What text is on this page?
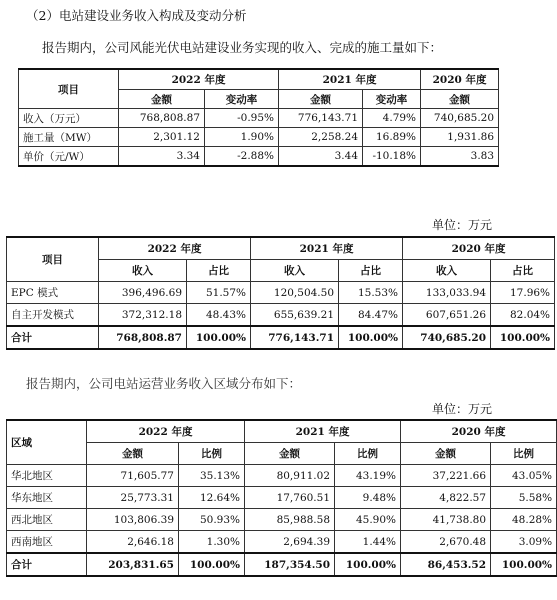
（2）电站建设业务收入构成及变动分析
报告期内，公司风能光伏电站建设业务实现的收入、完成的施工量如下：
项目	2022 年度		2021 年度		2020 年度
	金额	变动率	金额	变动率	金额
收入（万元）	768,808.87	-0.95%	776,143.71	4.79%	740,685.20
施工量（MW）	2,301.12	1.90%	2,258.24	16.89%	1,931.86
单价（元/W）	3.34	-2.88%	3.44	-10.18%	3.83
单位：万元
项目	2022 年度		2021 年度		2020 年度	
	收入	占比	收入	占比	收入	占比
EPC 模式	396,496.69	51.57%	120,504.50	15.53%	133,033.94	17.96%
自主开发模式	372,312.18	48.43%	655,639.21	84.47%	607,651.26	82.04%
合计	768,808.87	100.00%	776,143.71	100.00%	740,685.20	100.00%
报告期内，公司电站运营业务收入区域分布如下：
单位：万元
区域	2022 年度		2021 年度		2020 年度	
	金额	比例	金额	比例	金额	比例
华北地区	71,605.77	35.13%	80,911.02	43.19%	37,221.66	43.05%
华东地区	25,773.31	12.64%	17,760.51	9.48%	4,822.57	5.58%
西北地区	103,806.39	50.93%	85,988.58	45.90%	41,738.80	48.28%
西南地区	2,646.18	1.30%	2,694.39	1.44%	2,670.48	3.09%
合计	203,831.65	100.00%	187,354.50	100.00%	86,453.52	100.00%
